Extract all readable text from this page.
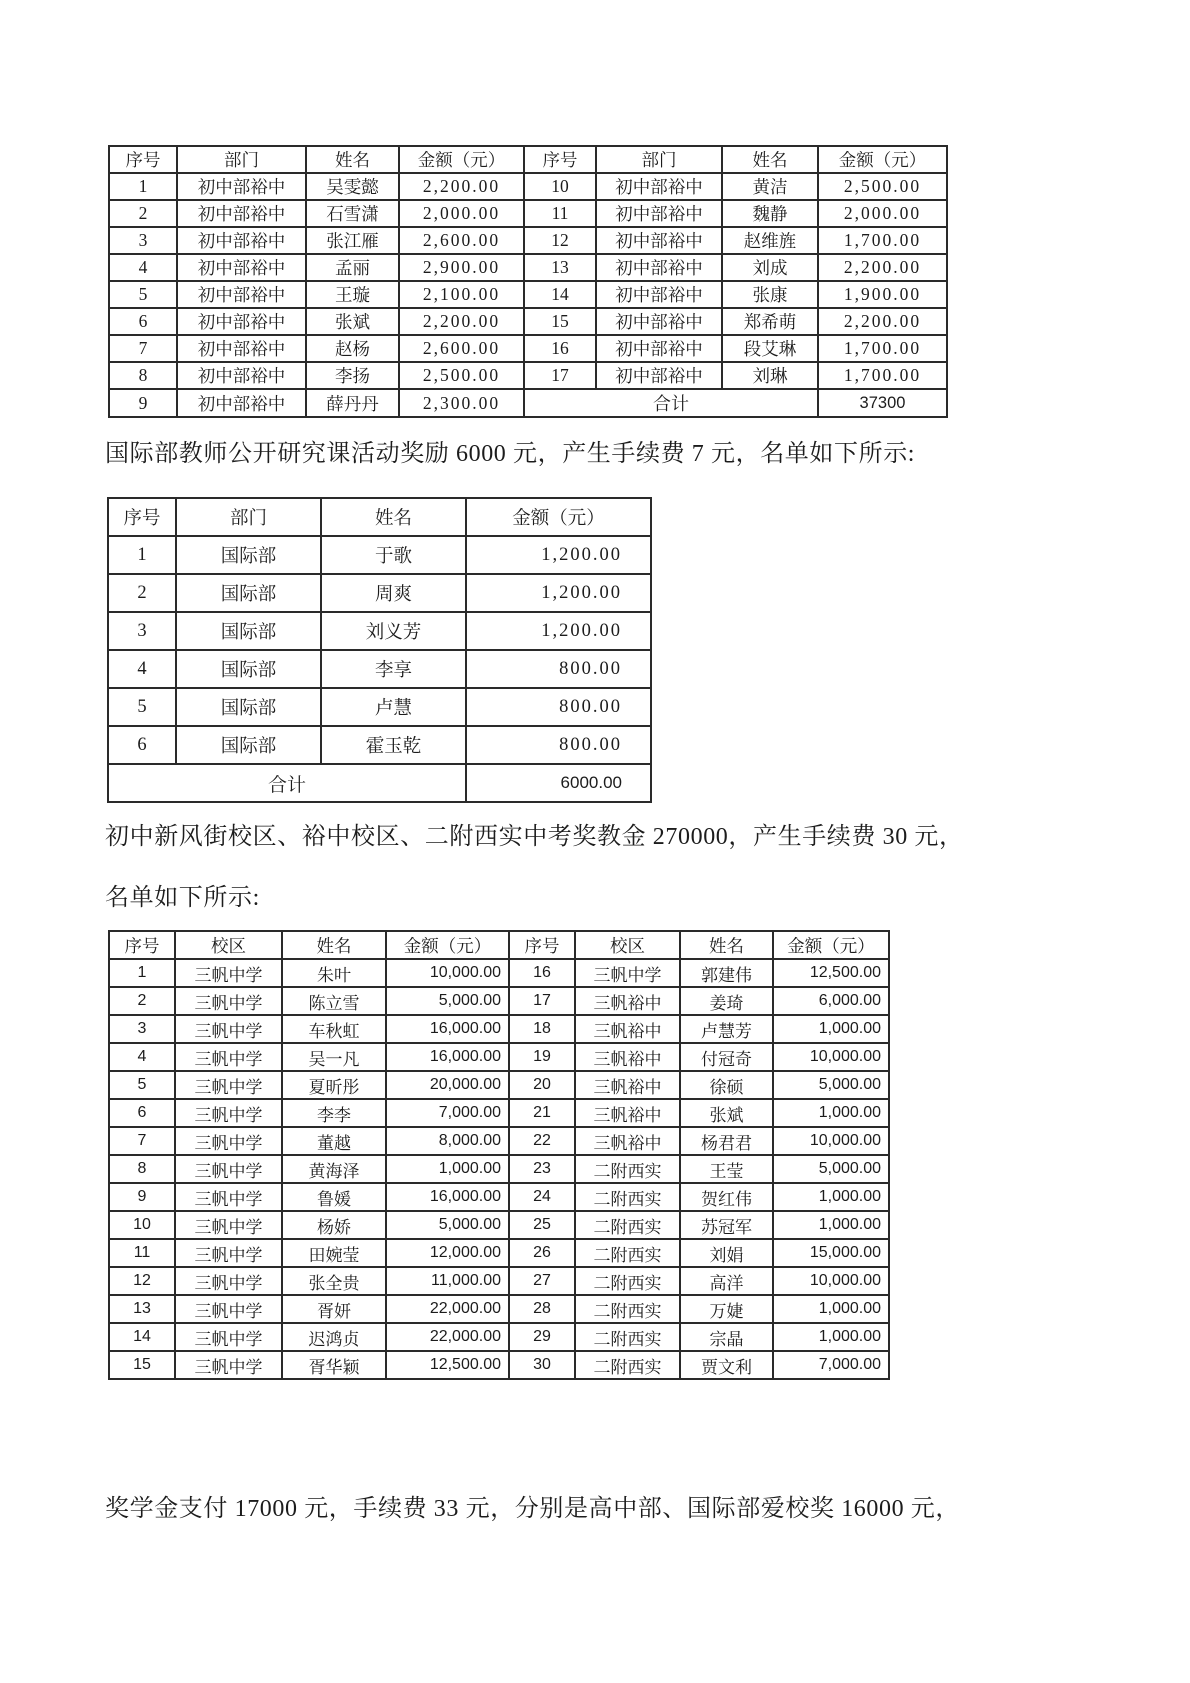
序号	部门	姓名	金额（元）	序号	部门	姓名	金额（元）
1	初中部裕中	吴雯懿	2,200.00	10	初中部裕中	黄洁	2,500.00
2	初中部裕中	石雪潇	2,000.00	11	初中部裕中	魏静	2,000.00
3	初中部裕中	张江雁	2,600.00	12	初中部裕中	赵维旌	1,700.00
4	初中部裕中	孟丽	2,900.00	13	初中部裕中	刘成	2,200.00
5	初中部裕中	王璇	2,100.00	14	初中部裕中	张康	1,900.00
6	初中部裕中	张斌	2,200.00	15	初中部裕中	郑希萌	2,200.00
7	初中部裕中	赵杨	2,600.00	16	初中部裕中	段艾琳	1,700.00
8	初中部裕中	李扬	2,500.00	17	初中部裕中	刘琳	1,700.00
9	初中部裕中	薛丹丹	2,300.00	合计			37300

国际部教师公开研究课活动奖励 6000 元，产生手续费 7 元，名单如下所示:

序号	部门	姓名	金额（元）
1	国际部	于歌	1,200.00
2	国际部	周爽	1,200.00
3	国际部	刘义芳	1,200.00
4	国际部	李享	800.00
5	国际部	卢慧	800.00
6	国际部	霍玉乾	800.00
合计			6000.00

初中新风街校区、裕中校区、二附西实中考奖教金 270000，产生手续费 30 元，

名单如下所示:

序号	校区	姓名	金额（元）	序号	校区	姓名	金额（元）
1	三帆中学	朱叶	10,000.00	16	三帆中学	郭建伟	12,500.00
2	三帆中学	陈立雪	5,000.00	17	三帆裕中	姜琦	6,000.00
3	三帆中学	车秋虹	16,000.00	18	三帆裕中	卢慧芳	1,000.00
4	三帆中学	吴一凡	16,000.00	19	三帆裕中	付冠奇	10,000.00
5	三帆中学	夏昕彤	20,000.00	20	三帆裕中	徐硕	5,000.00
6	三帆中学	李李	7,000.00	21	三帆裕中	张斌	1,000.00
7	三帆中学	董越	8,000.00	22	三帆裕中	杨君君	10,000.00
8	三帆中学	黄海泽	1,000.00	23	二附西实	王莹	5,000.00
9	三帆中学	鲁媛	16,000.00	24	二附西实	贺红伟	1,000.00
10	三帆中学	杨娇	5,000.00	25	二附西实	苏冠军	1,000.00
11	三帆中学	田婉莹	12,000.00	26	二附西实	刘娟	15,000.00
12	三帆中学	张全贵	11,000.00	27	二附西实	高洋	10,000.00
13	三帆中学	胥妍	22,000.00	28	二附西实	万婕	1,000.00
14	三帆中学	迟鸿贞	22,000.00	29	二附西实	宗晶	1,000.00
15	三帆中学	胥华颖	12,500.00	30	二附西实	贾文利	7,000.00

奖学金支付 17000 元，手续费 33 元，分别是高中部、国际部爱校奖 16000 元，
